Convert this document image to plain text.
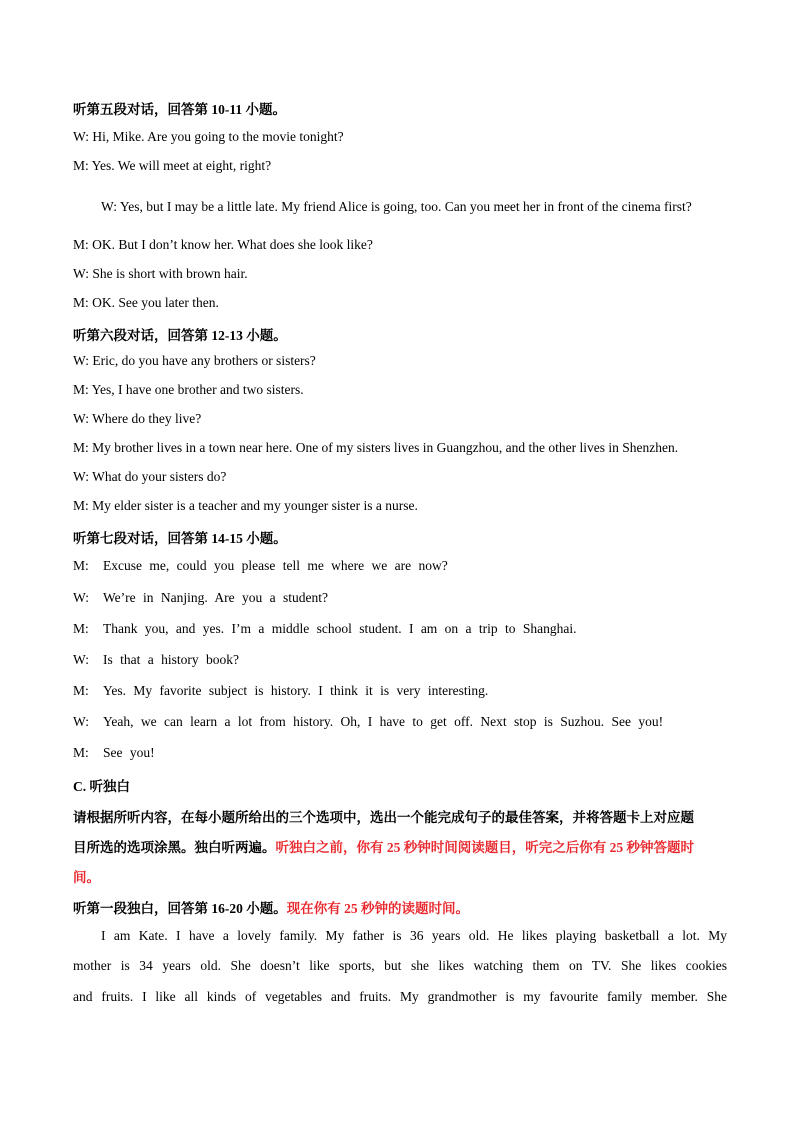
听第五段对话，回答第 10-11 小题。
W: Hi, Mike. Are you going to the movie tonight?
M: Yes. We will meet at eight, right?
W: Yes, but I may be a little late. My friend Alice is going, too. Can you meet her in front of the cinema first?
M: OK. But I don’t know her. What does she look like?
W: She is short with brown hair.
M: OK. See you later then.
听第六段对话，回答第 12-13 小题。
W: Eric, do you have any brothers or sisters?
M: Yes, I have one brother and two sisters.
W: Where do they live?
M: My brother lives in a town near here. One of my sisters lives in Guangzhou, and the other lives in Shenzhen.
W: What do your sisters do?
M: My elder sister is a teacher and my younger sister is a nurse.
听第七段对话，回答第 14-15 小题。
M: Excuse me, could you please tell me where we are now?
W: We’re in Nanjing. Are you a student?
M: Thank you, and yes. I’m a middle school student. I am on a trip to Shanghai.
W: Is that a history book?
M: Yes. My favorite subject is history. I think it is very interesting.
W: Yeah, we can learn a lot from history. Oh, I have to get off. Next stop is Suzhou. See you!
M: See you!
C. 听独白
请根据所听内容，在每小题所给出的三个选项中，选出一个能完成句子的最佳答案，并将答题卡上对应题
目所选的选项涂黑。独白听两遍。听独白之前，你有 25 秒钟时间阅读题目，听完之后你有 25 秒钟答题时
间。
听第一段独白，回答第 16-20 小题。现在你有 25 秒钟的读题时间。
I am Kate. I have a lovely family. My father is 36 years old. He likes playing basketball a lot. My
mother is 34 years old. She doesn’t like sports, but she likes watching them on TV. She likes cookies
and fruits. I like all kinds of vegetables and fruits. My grandmother is my favourite family member. She
